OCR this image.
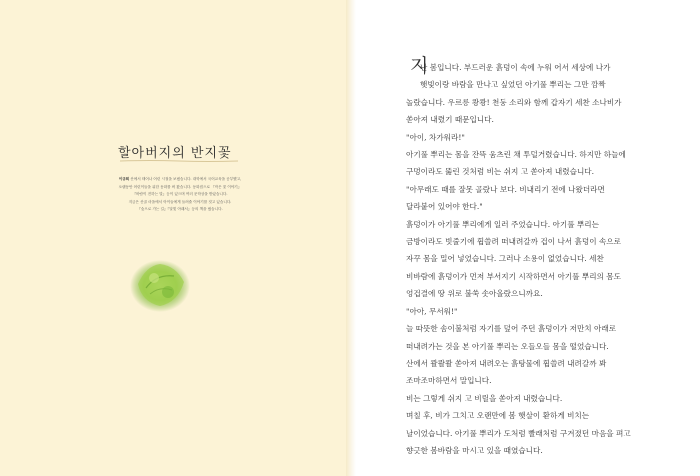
할아버지의 반지꽃

이규희 산에서 태어나 어린 시절을 보냈습니다. 대학에서 국어교육을 공부했고,

오랫동안 어린이들을 위한 동화를 써 왔습니다. 동화집으로 『작은 꽃 이야기』

『바람이 전하는 말』등이 있으며 여러 문학상을 받았습니다.

지금은 산골 마을에서 아이들에게 들려줄 이야기를 짓고 있습니다.

『숲으로 가는 길』『달빛 아래서』등의 책을 냈습니다.

지

난 봄입니다. 부드러운 흙덩이 속에 누워 어서 세상에 나가

햇빛이랑 바람을 만나고 싶었던 아기풀 뿌리는 그만 깜짝

놀랐습니다. 우르릉 쾅쾅! 천둥 소리와 함께 갑자기 세찬 소나비가

쏟아져 내렸기 때문입니다.

"아이, 차가워라!"

아기풀 뿌리는 몸을 잔뜩 움츠린 채 투덜거렸습니다. 하지만 하늘에

구멍이라도 뚫린 것처럼 비는 쉬지 고 쏟아져 내렸습니다.

"아무래도 때를 잘못 골랐나 보다. 비내리기 전에 나왔더라면

달라붙어 있어야 한다."

흙덩이가 아기풀 뿌리에게 일러 주었습니다. 아기풀 뿌리는

금방이라도 빗줄기에 휩쓸려 떠내려갈까 겁이 나서 흙덩이 속으로

자꾸 몸을 밀어 넣었습니다. 그러나 소용이 없었습니다. 세찬

비바람에 흙덩이가 먼저 부서지기 시작하면서 아기풀 뿌리의 몸도

엉겁결에 땅 위로 불쑥 솟아올랐으니까요.

"아아, 무서워!"

늘 따뜻한 솜이불처럼 자기를 덮어 주던 흙덩이가 저만치 아래로

떠내려가는 것을 본 아기풀 뿌리는 오들오들 몸을 떨었습니다.

산에서 콸콸콸 쏟아져 내려오는 흙탕물에 휩쓸려 내려갈까 봐

조마조마하면서 말입니다.

비는 그렇게 쉬지 고 비릴을 쏟아져 내렸습니다.

며칠 후, 비가 그치고 오랜만에 봄 햇살이 환하게 비치는

날이었습니다. 아기풀 뿌리가 도처럼 빨래처럼 구겨졌던 마음을 펴고

향긋한 봄바람을 마시고 있을 때였습니다.
